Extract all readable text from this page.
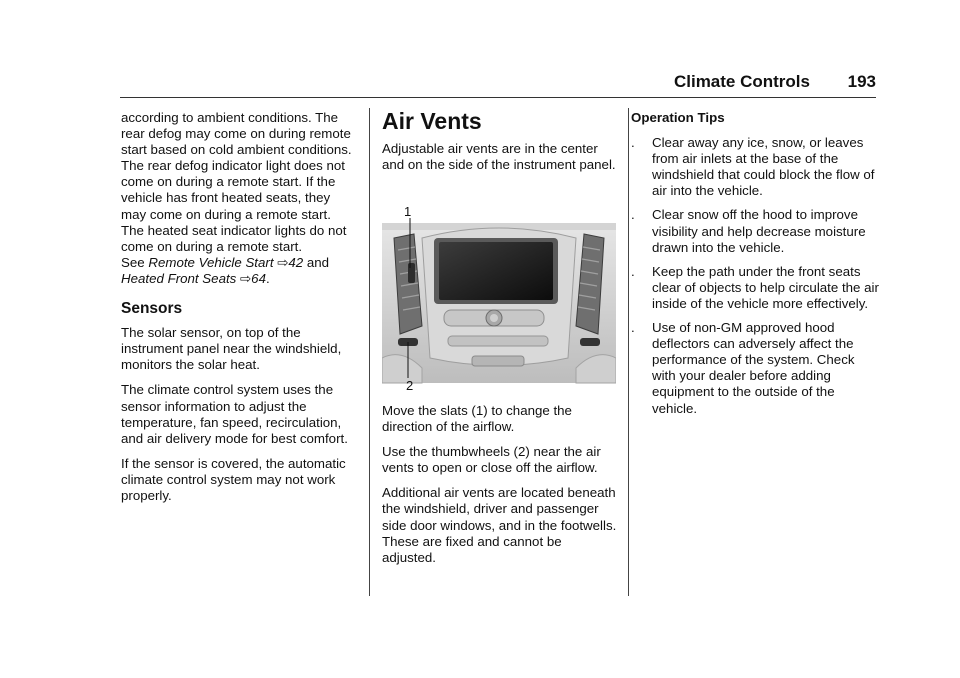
Climate Controls 193

according to ambient conditions. The rear defog may come on during remote start based on cold ambient conditions. The rear defog indicator light does not come on during a remote start. If the vehicle has front heated seats, they may come on during a remote start. The heated seat indicator lights do not come on during a remote start.

See Remote Vehicle Start ⇨42 and
Heated Front Seats ⇨64.

Sensors

The solar sensor, on top of the instrument panel near the windshield, monitors the solar heat.

The climate control system uses the sensor information to adjust the temperature, fan speed, recirculation, and air delivery mode for best comfort.

If the sensor is covered, the automatic climate control system may not work properly.

Air Vents

Adjustable air vents are in the center and on the side of the instrument panel.

1
2

Move the slats (1) to change the direction of the airflow.

Use the thumbwheels (2) near the air vents to open or close off the airflow.

Additional air vents are located beneath the windshield, driver and passenger side door windows, and in the footwells. These are fixed and cannot be adjusted.

Operation Tips
.	Clear away any ice, snow, or leaves from air inlets at the base of the windshield that could block the flow of air into the vehicle.
.	Clear snow off the hood to improve visibility and help decrease moisture drawn into the vehicle.
.	Keep the path under the front seats clear of objects to help circulate the air inside of the vehicle more effectively.
.	Use of non-GM approved hood deflectors can adversely affect the performance of the system. Check with your dealer before adding equipment to the outside of the vehicle.
